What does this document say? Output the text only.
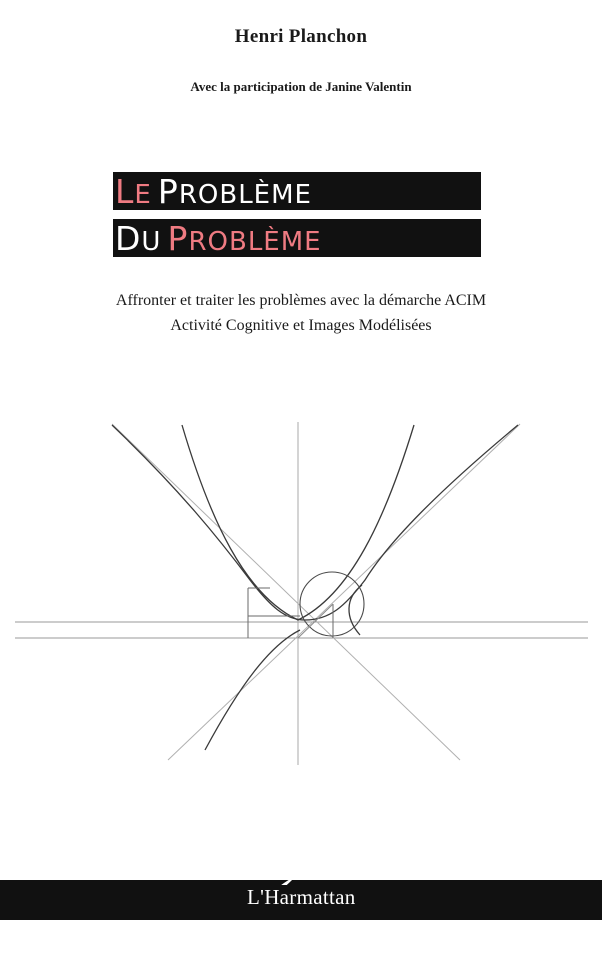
Henri Planchon
Avec la participation de Janine Valentin
LE PROBLÈME
DU PROBLÈME
Affronter et traiter les problèmes avec la démarche ACIM
Activité Cognitive et Images Modélisées
L'Harmattan
